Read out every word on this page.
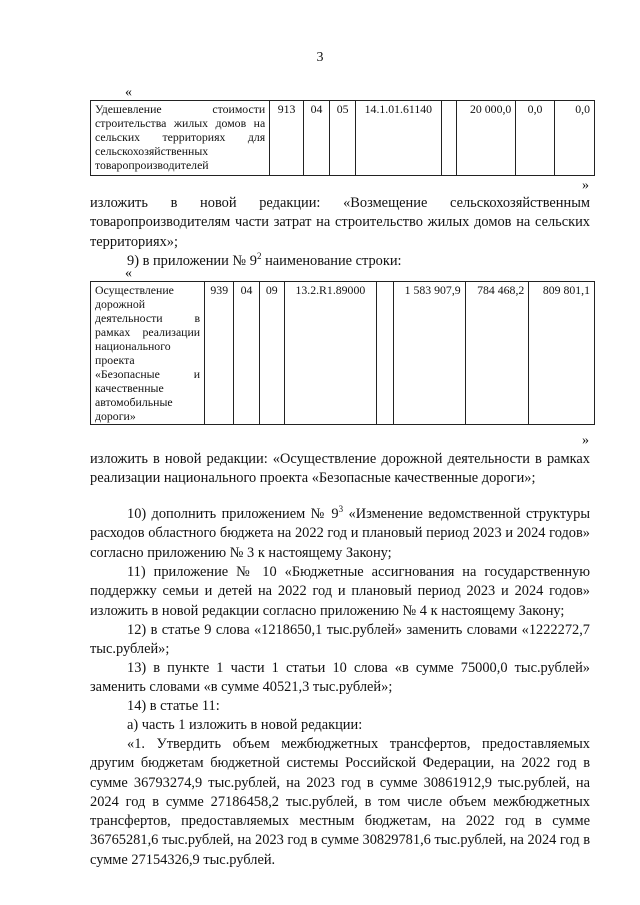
3
«
Удешевление стоимости строительства жилых домов на сельских территориях для сельскохозяйственных товаропроизводителей	913	04	05	14.1.01.61140		20 000,0	0,0	0,0
»
изложить в новой редакции: «Возмещение сельскохозяйственным товаропроизводителям части затрат на строительство жилых домов на сельских территориях»;
9) в приложении № $9^2$ наименование строки:
«
Осуществление дорожной деятельности в рамках реализации национального проекта «Безопасные и качественные автомобильные дороги»	939	04	09	13.2.R1.89000		1 583 907,9	784 468,2	809 801,1
»
изложить в новой редакции: «Осуществление дорожной деятельности в рамках реализации национального проекта «Безопасные качественные дороги»;
10) дополнить приложением № $9^3$ «Изменение ведомственной структуры расходов областного бюджета на 2022 год и плановый период 2023 и 2024 годов» согласно приложению № 3 к настоящему Закону;
11) приложение № 10 «Бюджетные ассигнования на государственную поддержку семьи и детей на 2022 год и плановый период 2023 и 2024 годов» изложить в новой редакции согласно приложению № 4 к настоящему Закону;
12) в статье 9 слова «1218650,1 тыс.рублей» заменить словами «1222272,7 тыс.рублей»;
13) в пункте 1 части 1 статьи 10 слова «в сумме 75000,0 тыс.рублей» заменить словами «в сумме 40521,3 тыс.рублей»;
14) в статье 11:
а) часть 1 изложить в новой редакции:
«1. Утвердить объем межбюджетных трансфертов, предоставляемых другим бюджетам бюджетной системы Российской Федерации, на 2022 год в сумме 36793274,9 тыс.рублей, на 2023 год в сумме 30861912,9 тыс.рублей, на 2024 год в сумме 27186458,2 тыс.рублей, в том числе объем межбюджетных трансфертов, предоставляемых местным бюджетам, на 2022 год в сумме 36765281,6 тыс.рублей, на 2023 год в сумме 30829781,6 тыс.рублей, на 2024 год в сумме 27154326,9 тыс.рублей.
